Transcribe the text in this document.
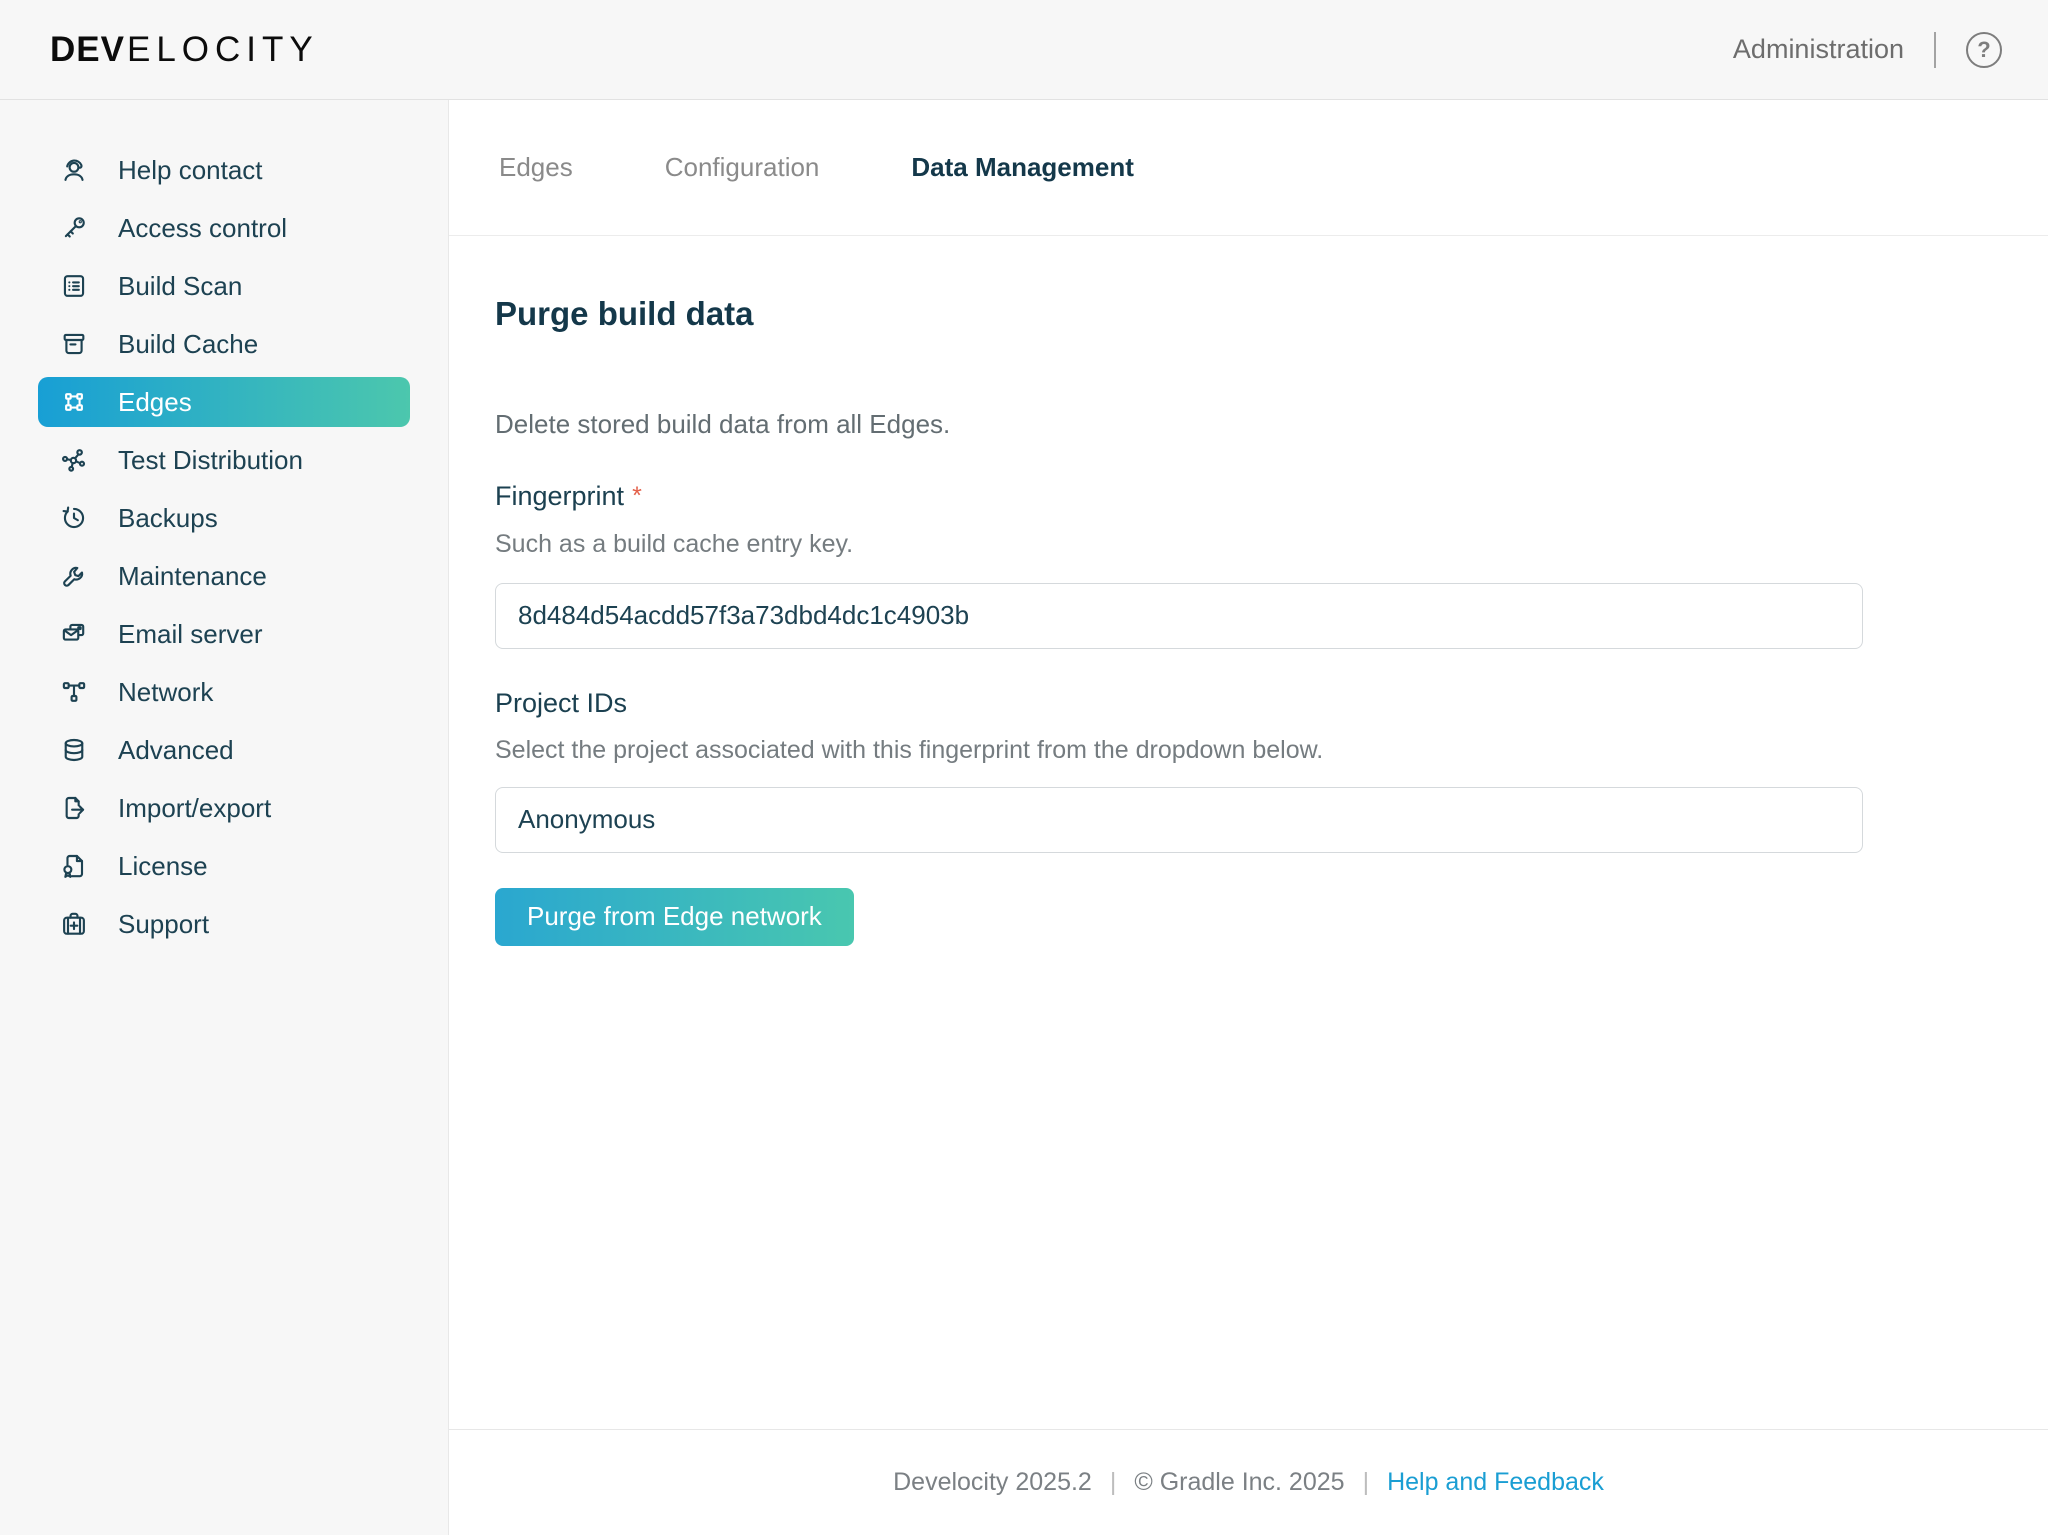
DEV ELOCITY	Administration	?
Help contact
Access control
Build Scan
Build Cache
Edges
Test Distribution
Backups
Maintenance
Email server
Network
Advanced
Import/export
License
Support
Edges	Configuration	Data Management
Purge build data

Delete stored build data from all Edges.

Fingerprint *
Such as a build cache entry key.
8d484d54acdd57f3a73dbd4dc1c4903b
Project IDs
Select the project associated with this fingerprint from the dropdown below.
Anonymous Purge from Edge network
Develocity 2025.2 | © Gradle Inc. 2025 | Help and Feedback
